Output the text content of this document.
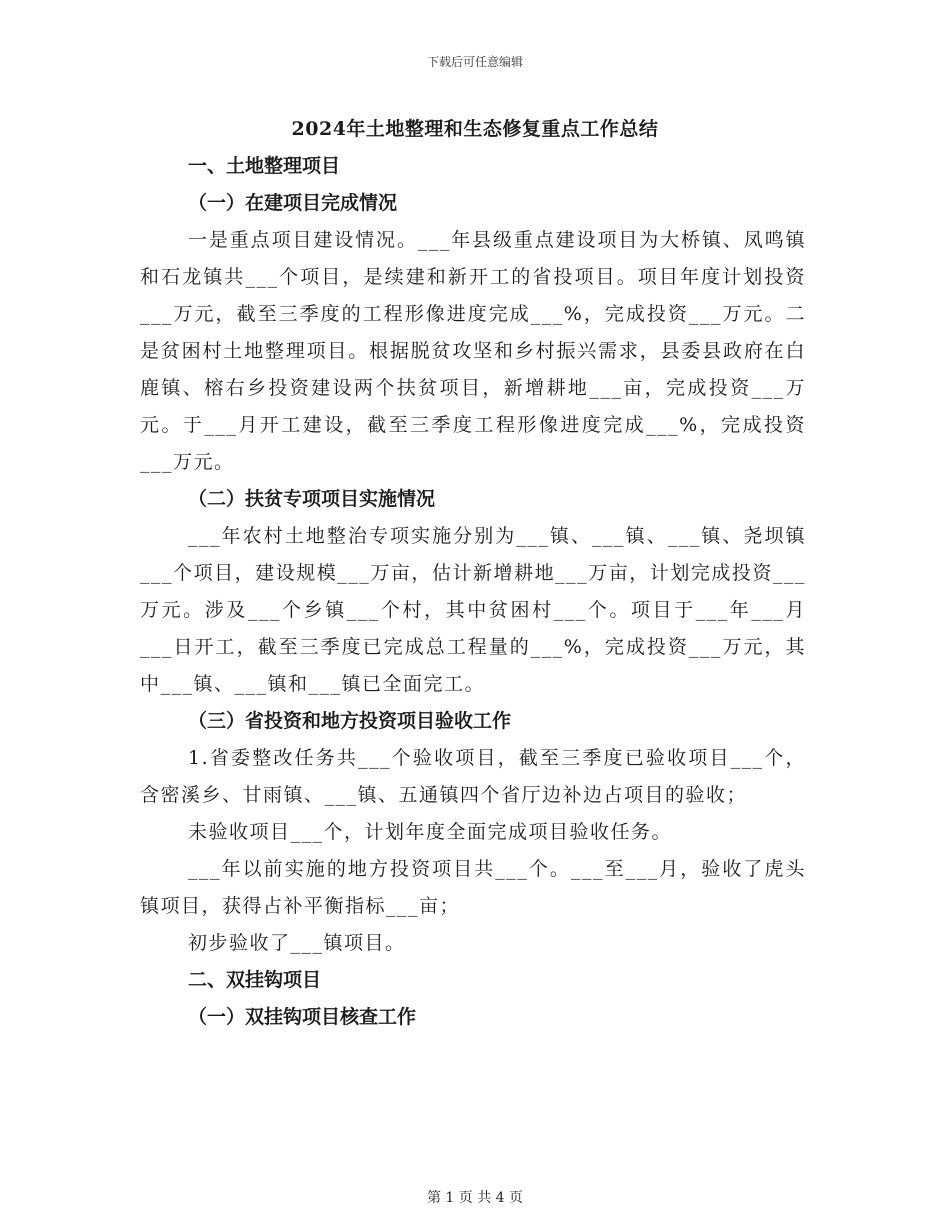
下载后可任意编辑
2024年土地整理和生态修复重点工作总结

一、土地整理项目

（一）在建项目完成情况

一是重点项目建设情况。___年县级重点建设项目为大桥镇、凤鸣镇和石龙镇共___个项目，是续建和新开工的省投项目。项目年度计划投资___万元，截至三季度的工程形像进度完成___%，完成投资___万元。二是贫困村土地整理项目。根据脱贫攻坚和乡村振兴需求，县委县政府在白鹿镇、榕右乡投资建设两个扶贫项目，新增耕地___亩，完成投资___万元。于___月开工建设，截至三季度工程形像进度完成___%，完成投资___万元。

（二）扶贫专项项目实施情况

___年农村土地整治专项实施分别为___镇、___镇、___镇、尧坝镇___个项目，建设规模___万亩，估计新增耕地___万亩，计划完成投资___万元。涉及___个乡镇___个村，其中贫困村___个。项目于___年___月___日开工，截至三季度已完成总工程量的___%，完成投资___万元，其中___镇、___镇和___镇已全面完工。

（三）省投资和地方投资项目验收工作

1.省委整改任务共___个验收项目，截至三季度已验收项目___个，含密溪乡、甘雨镇、___镇、五通镇四个省厅边补边占项目的验收；

未验收项目___个，计划年度全面完成项目验收任务。

___年以前实施的地方投资项目共___个。___至___月，验收了虎头镇项目，获得占补平衡指标___亩；

初步验收了___镇项目。

二、双挂钩项目

（一）双挂钩项目核查工作

第 1 页 共 4 页
